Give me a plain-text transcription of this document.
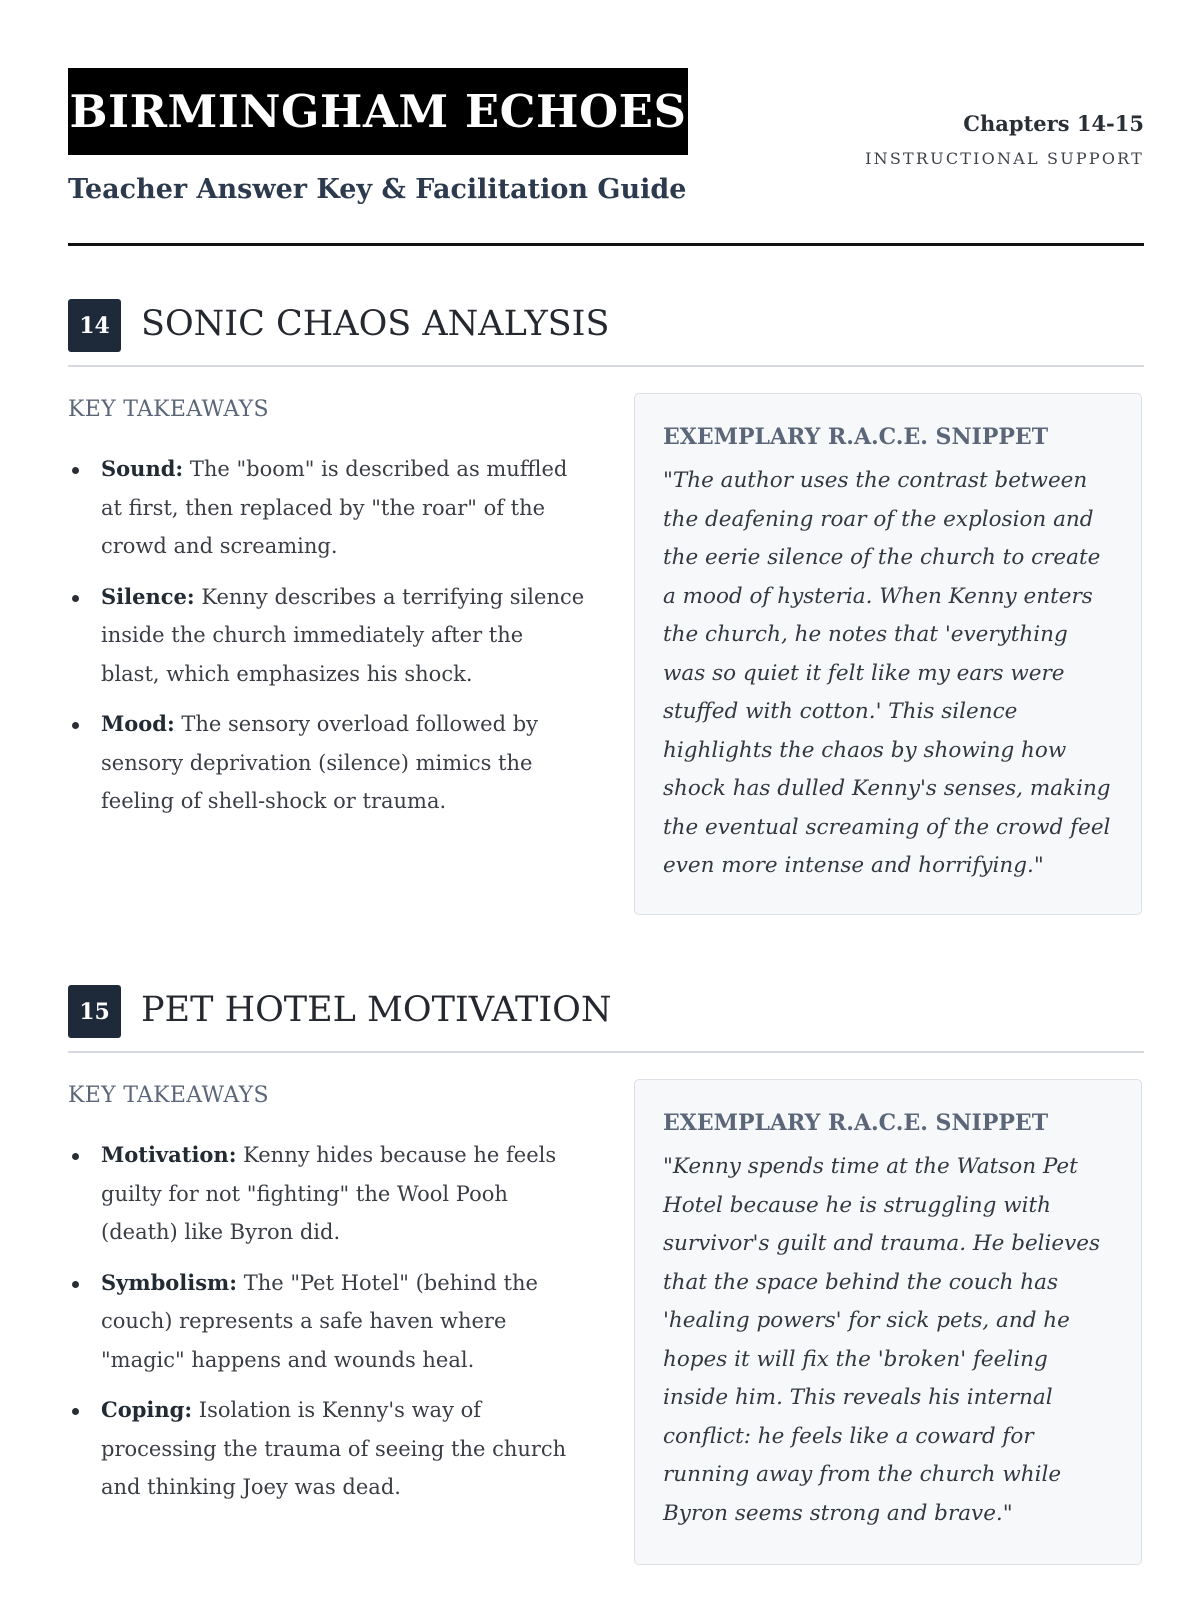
BIRMINGHAM ECHOES
Teacher Answer Key & Facilitation Guide
Chapters 14-15
INSTRUCTIONAL SUPPORT
14 SONIC CHAOS ANALYSIS
KEY TAKEAWAYS
Sound: The "boom" is described as muffled at first, then replaced by "the roar" of the crowd and screaming.
Silence: Kenny describes a terrifying silence inside the church immediately after the blast, which emphasizes his shock.
Mood: The sensory overload followed by sensory deprivation (silence) mimics the feeling of shell-shock or trauma.
EXEMPLARY R.A.C.E. SNIPPET

"The author uses the contrast between the deafening roar of the explosion and the eerie silence of the church to create a mood of hysteria. When Kenny enters the church, he notes that 'everything was so quiet it felt like my ears were stuffed with cotton.' This silence highlights the chaos by showing how shock has dulled Kenny's senses, making the eventual screaming of the crowd feel even more intense and horrifying."

15 PET HOTEL MOTIVATION
KEY TAKEAWAYS
Motivation: Kenny hides because he feels guilty for not "fighting" the Wool Pooh (death) like Byron did.
Symbolism: The "Pet Hotel" (behind the couch) represents a safe haven where "magic" happens and wounds heal.
Coping: Isolation is Kenny's way of processing the trauma of seeing the church and thinking Joey was dead.
EXEMPLARY R.A.C.E. SNIPPET

"Kenny spends time at the Watson Pet Hotel because he is struggling with survivor's guilt and trauma. He believes that the space behind the couch has 'healing powers' for sick pets, and he hopes it will fix the 'broken' feeling inside him. This reveals his internal conflict: he feels like a coward for running away from the church while Byron seems strong and brave."
